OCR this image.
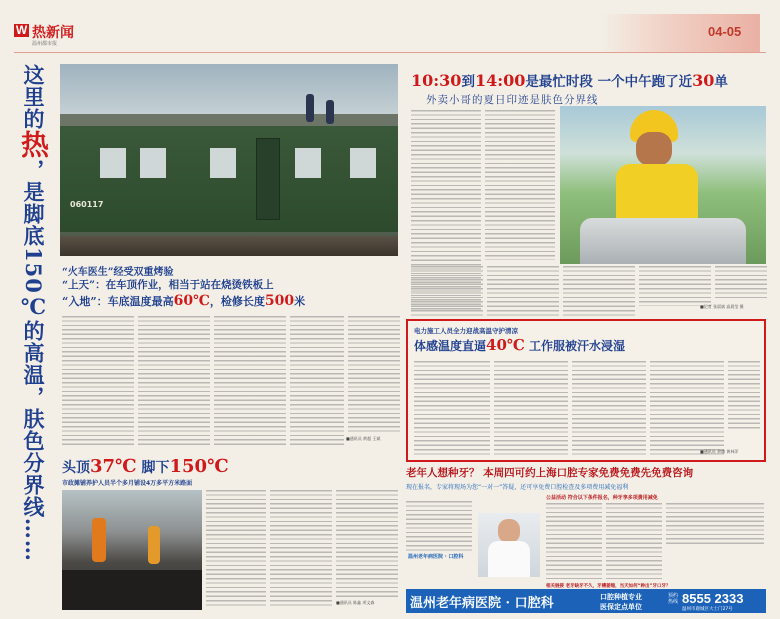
W 热新闻
温州都市报
04-05
这里的热，是脚底150℃的高温，肤色分界线……	060117
“火车医生”经受双重烤验
“上天”：在车顶作业，相当于站在烧烫铁板上
“入地”：车底温度最高60℃，检修长度500米
■通讯员 黄超 王斌
头顶37℃ 脚下150℃
市政摊铺养护人员半个多月铺设4万多平方米路面
■通讯员 陈鑫 项文森
10:30到14:00是最忙时段 一个中午跑了近30单
外卖小哥的夏日印迹是肤色分界线
■记者 张晨斌 高晨莹 摄
电力施工人员全力迎战高温守护清凉
体感温度直逼40℃ 工作服被汗水浸湿
■通讯员 余庸 黄林萍
老年人想种牙？ 本周四可约上海口腔专家免费免费先免费咨询
现在报名，专家将现场为您“一对一”答疑，还可享免费口腔检查及多项费用减免福利
公益活动 符合以下条件报名，种牙享多项费用减免
温州老年病医院 · 口腔科
相关链接 老牙缺牙不久，牙槽萎缩，当天如何“种出”牙口牙？
温州老年病医院 · 口腔科	口腔种植专业
医保定点单位
预约热线 8555 2333
温州市鹿城区大士门27号
